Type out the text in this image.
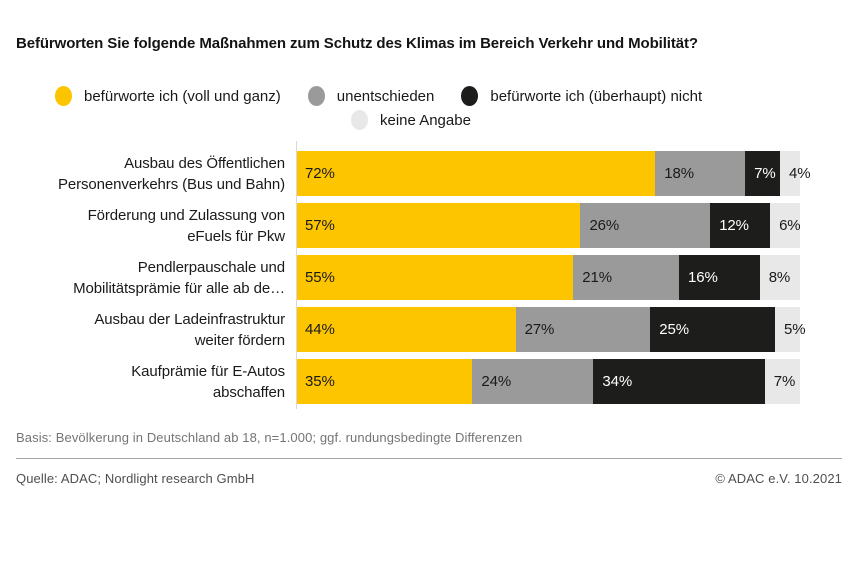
Befürworten Sie folgende Maßnahmen zum Schutz des Klimas im Bereich Verkehr und Mobilität?
befürworte ich (voll und ganz)	unentschieden	befürworte ich (überhaupt) nicht
keine Angabe
Ausbau des Öffentlichen
Personenverkehrs (Bus und Bahn)
72%	18%	7% 4%
Förderung und Zulassung von
eFuels für Pkw
57%	26%	12%	6%
Pendlerpauschale und
Mobilitätsprämie für alle ab de…
55%	21%	16%	8%
Ausbau der Ladeinfrastruktur
weiter fördern
44%	27%	25%	5%
Kaufprämie für E-Autos
abschaffen
35%	24%	34%	7%
Basis: Bevölkerung in Deutschland ab 18, n=1.000; ggf. rundungsbedingte Differenzen
Quelle: ADAC; Nordlight research GmbH	© ADAC e.V. 10.2021
